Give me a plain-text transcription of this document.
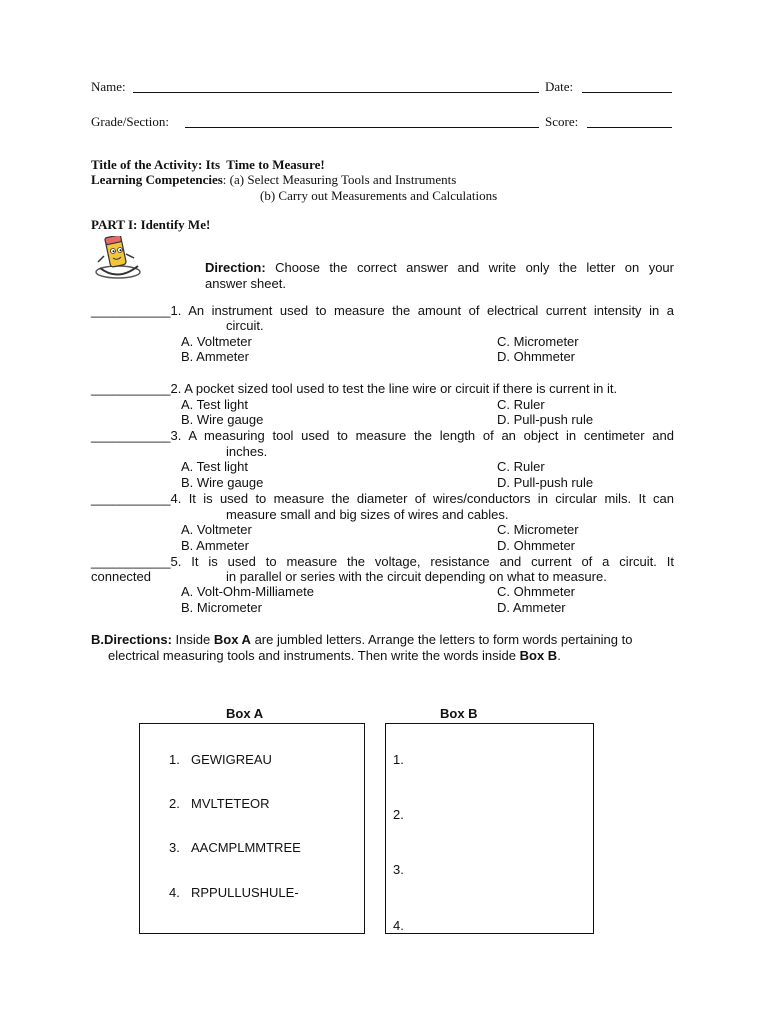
Name:	Date:
Grade/Section:	Score:
Title of the Activity: Its  Time to Measure!
Learning Competencies: (a) Select Measuring Tools and Instruments
(b) Carry out Measurements and Calculations
PART I: Identify Me!
Direction: Choose the correct answer and write only the letter on your
answer sheet.
___________ 1. An instrument used to measure the amount of electrical current intensity in a
circuit.
A. Voltmeter	C. Micrometer
B. Ammeter	D. Ohmmeter
___________2. A pocket sized tool used to test the line wire or circuit if there is current in it.
A. Test light	C. Ruler
B. Wire gauge	D. Pull-push rule
___________ 3. A measuring tool used to measure the length of an object in centimeter and
inches.
A. Test light	C. Ruler
B. Wire gauge	D. Pull-push rule
___________ 4. It is used to measure the diameter of wires/conductors in circular mils. It can
measure small and big sizes of wires and cables.
A. Voltmeter	C. Micrometer
B. Ammeter	D. Ohmmeter
___________ 5. It is used to measure the voltage, resistance and current of a circuit. It
connected	in parallel or series with the circuit depending on what to measure.
A. Volt-Ohm-Milliamete	C. Ohmmeter
B. Micrometer	D. Ammeter
B.Directions: Inside Box A are jumbled letters. Arrange the letters to form words pertaining to
electrical measuring tools and instruments. Then write the words inside Box B.
Box A
1. GEWIGREAU
2. MVLTETEOR
3. AACMPLMMTREE
4. RPPULLUSHULE-
Box B
1.
2.
3.
4.
